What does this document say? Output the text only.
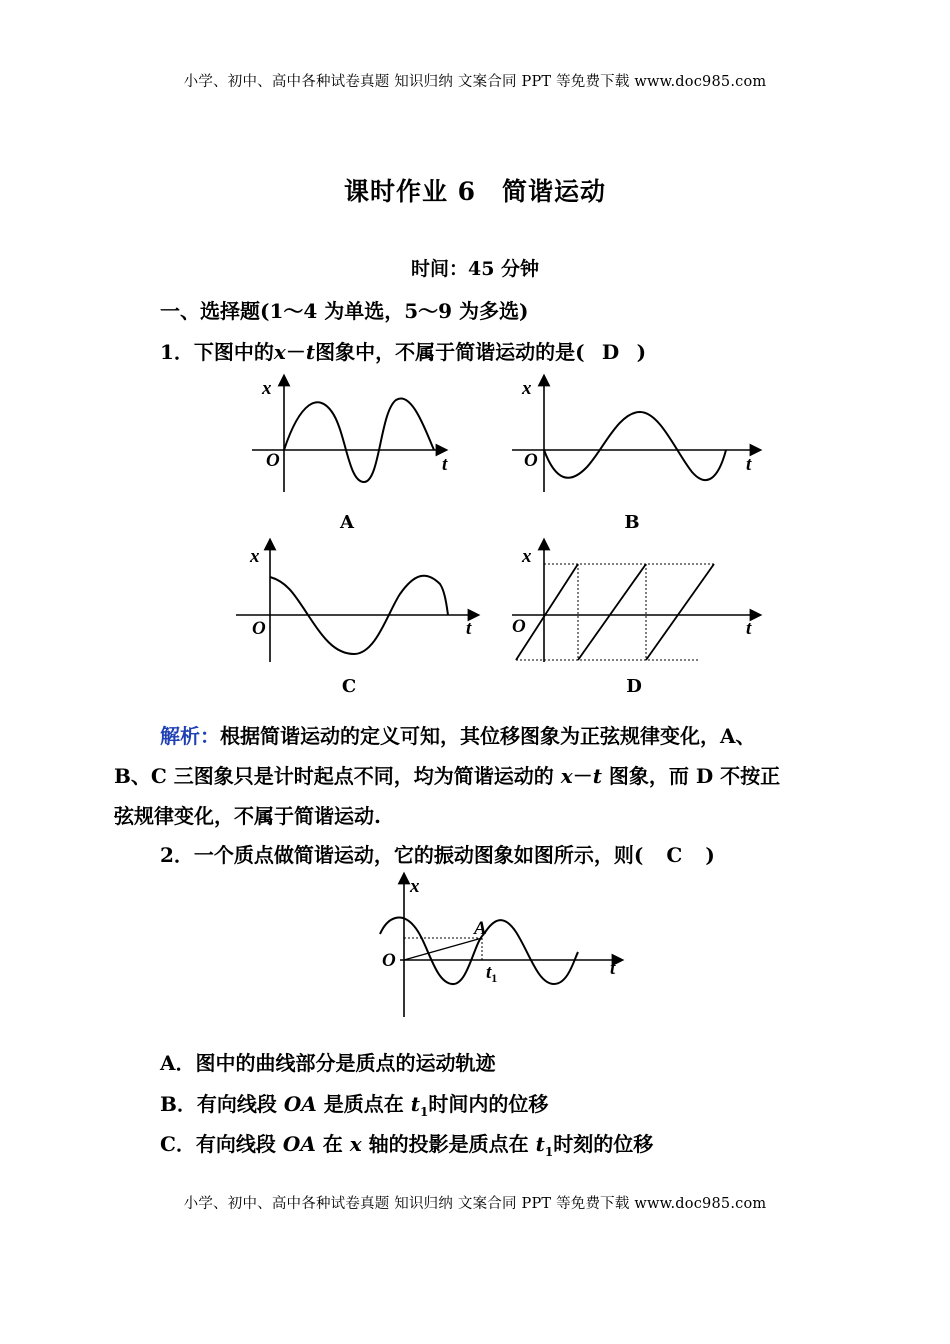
小学、初中、高中各种试卷真题 知识归纳 文案合同 PPT 等免费下载 www.doc985.com
课时作业 6　简谐运动
时间：45 分钟
一、选择题(1～4 为单选，5～9 为多选)
1．下图中的x－t图象中，不属于简谐运动的是( D )
x
O	t
x
O	t
x
O	t
x
O	t
A	B
C	D
解析：根据简谐运动的定义可知，其位移图象为正弦规律变化，A、
B、C 三图象只是计时起点不同，均为简谐运动的 x－t 图象，而 D 不按正
弦规律变化，不属于简谐运动.
2．一个质点做简谐运动，它的振动图象如图所示，则( C )
x
O	t
A
$t_1$
A．图中的曲线部分是质点的运动轨迹
B．有向线段 OA 是质点在 $t_1$时间内的位移
C．有向线段 OA 在 x 轴的投影是质点在 $t_1$时刻的位移
小学、初中、高中各种试卷真题 知识归纳 文案合同 PPT 等免费下载 www.doc985.com
